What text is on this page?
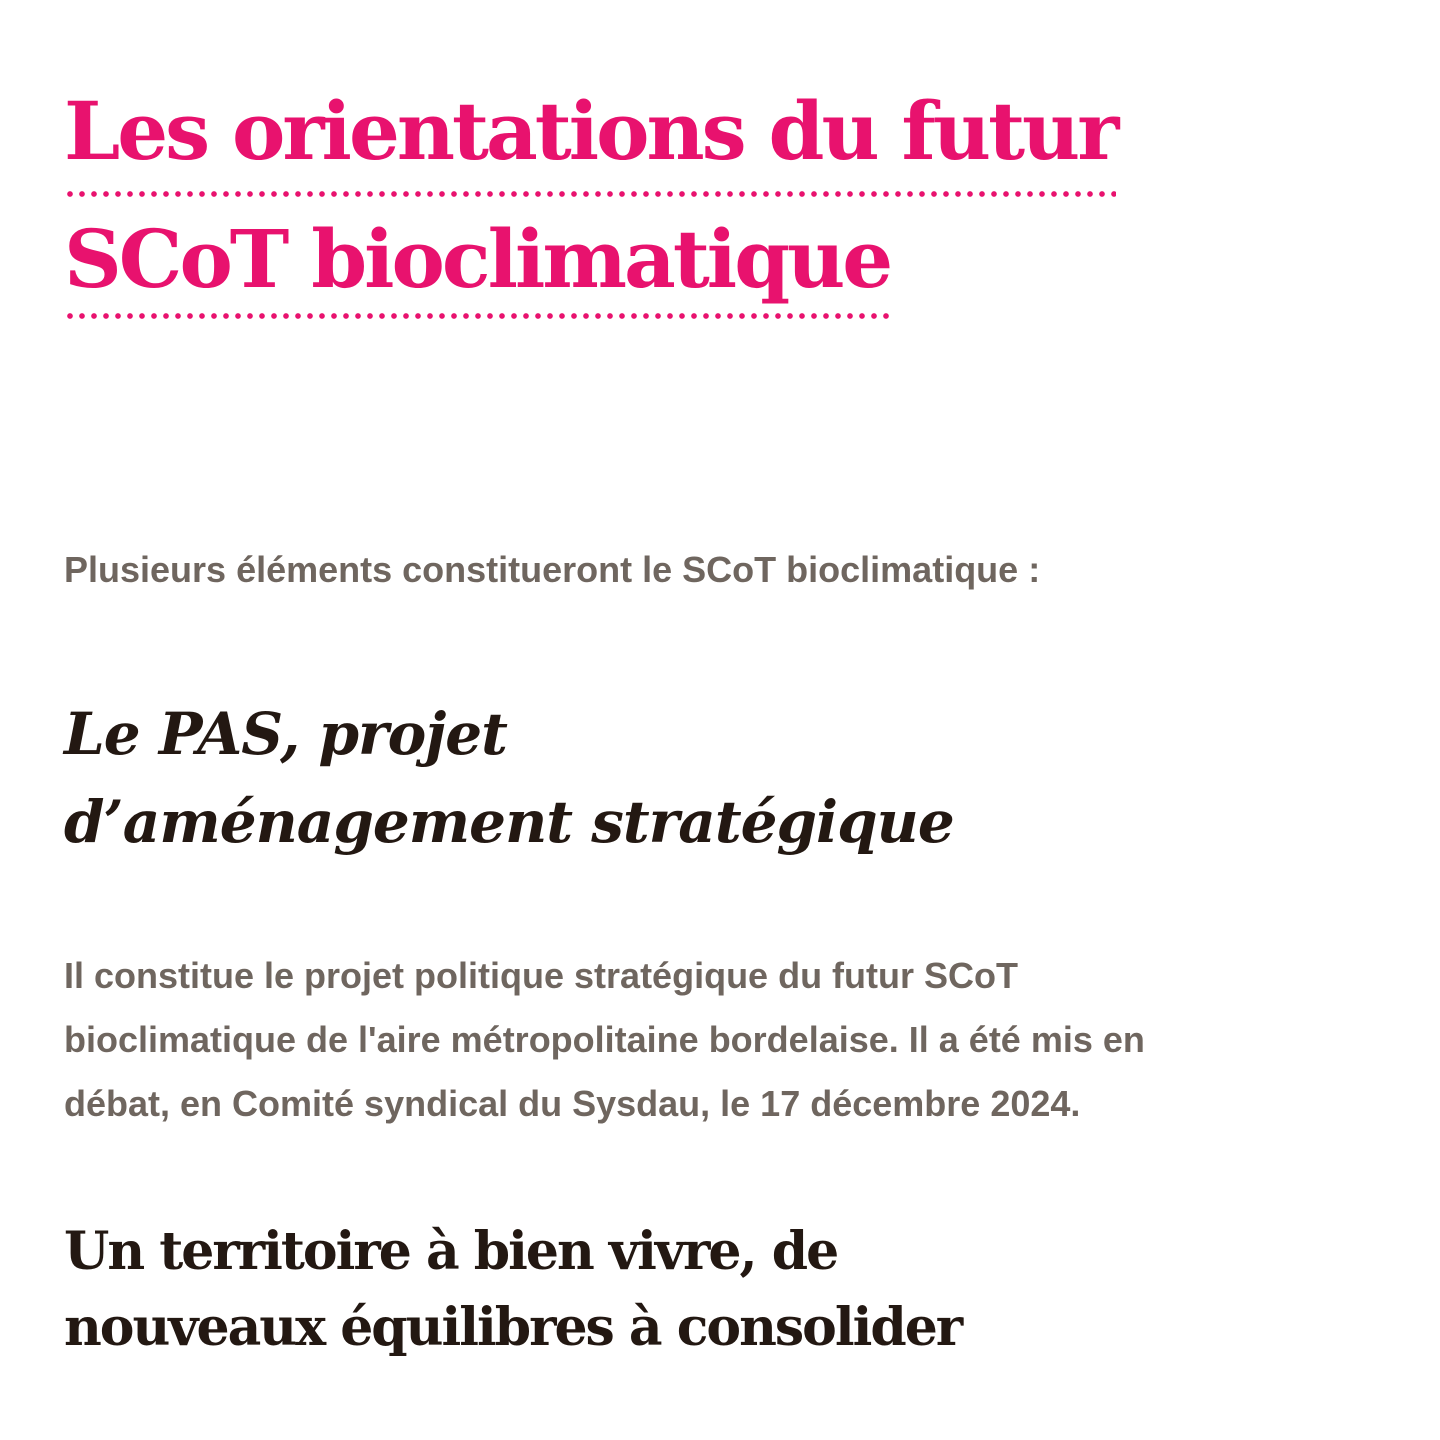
Les orientations du futur
SCoT bioclimatique

Plusieurs éléments constitueront le SCoT bioclimatique :

Le PAS, projet
d’aménagement stratégique

Il constitue le projet politique stratégique du futur SCoT
bioclimatique de l'aire métropolitaine bordelaise. Il a été mis en
débat, en Comité syndical du Sysdau, le 17 décembre 2024.

Un territoire à bien vivre, de
nouveaux équilibres à consolider
